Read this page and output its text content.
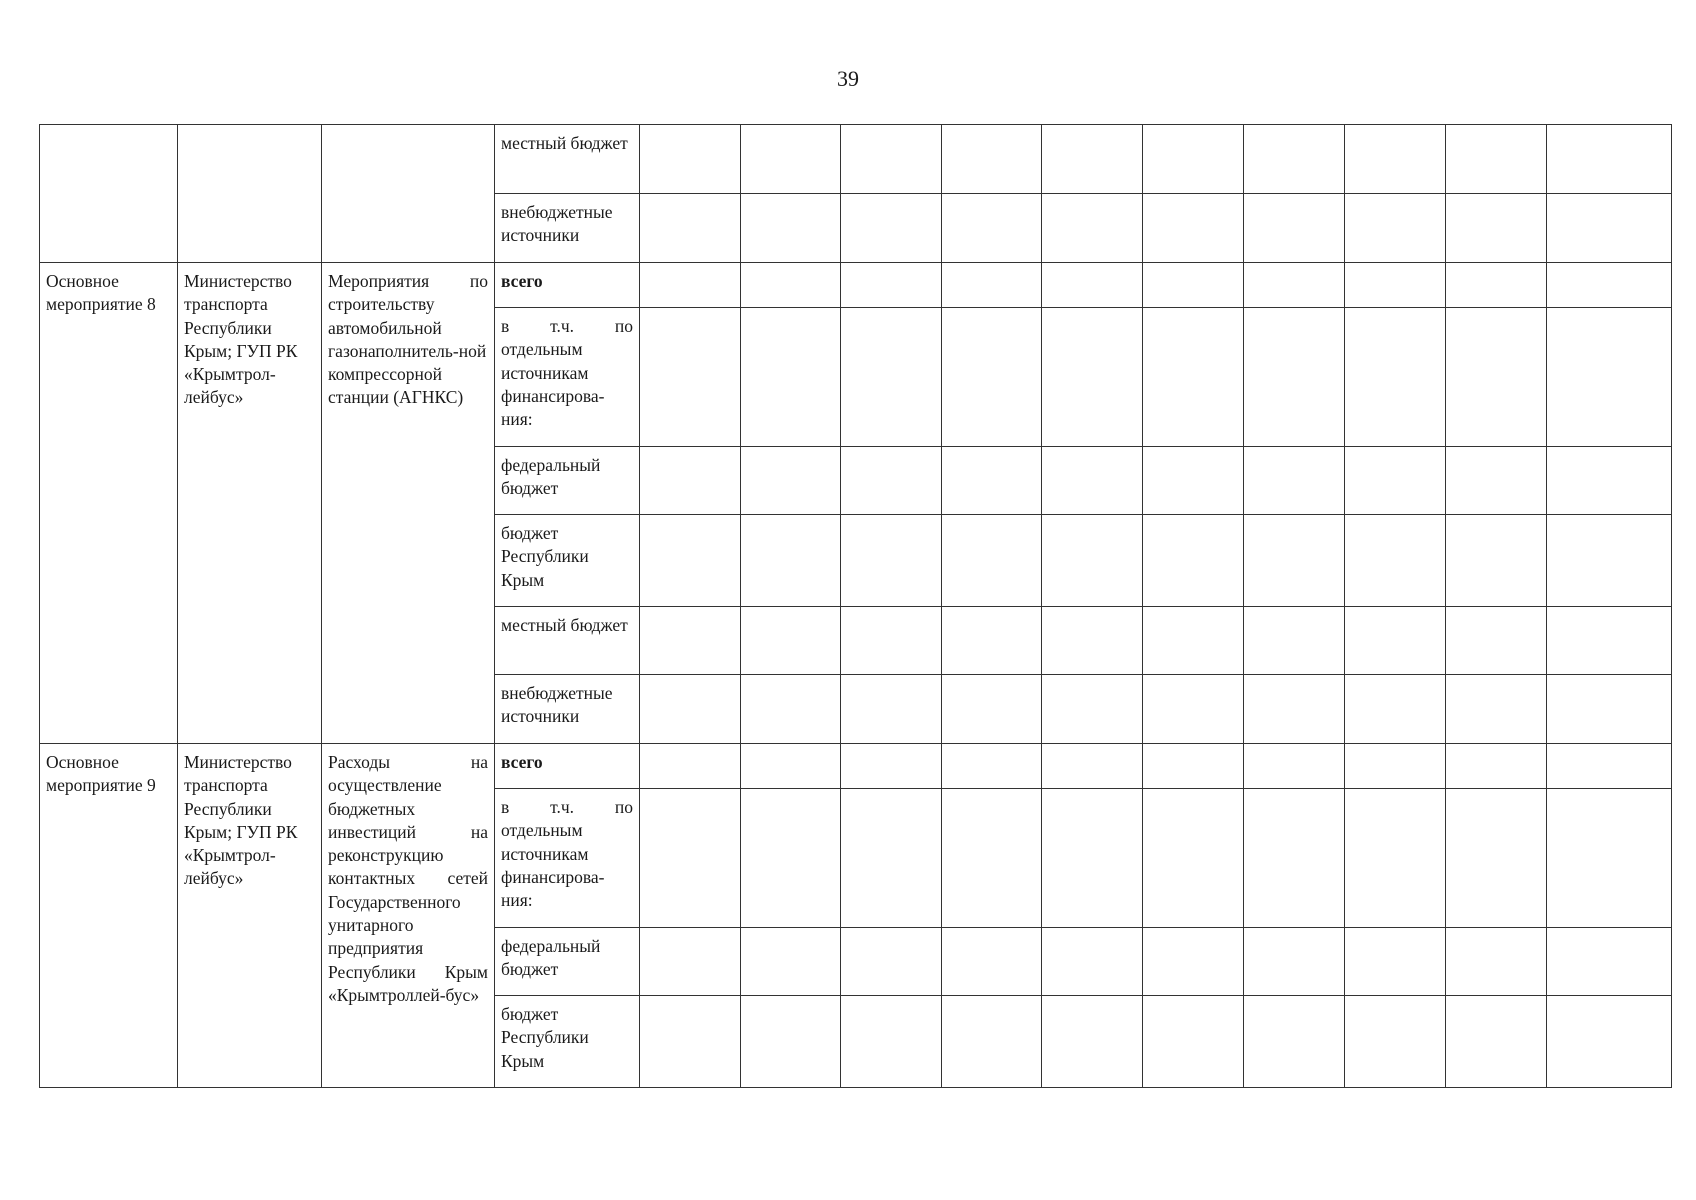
39
			местный бюджет										
			внебюджетные источники										
Основное мероприятие 8	Министерство транспорта Республики Крым; ГУП РК «Крымтрол-лейбус»	Мероприятия по строительству автомобильной газонаполнитель-ной компрессорной станции (АГНКС)	всего										
			в т.ч. по отдельным источникам финансирова-ния:										
			федеральный бюджет										
			бюджет Республики Крым										
			местный бюджет										
			внебюджетные источники										
Основное мероприятие 9	Министерство транспорта Республики Крым; ГУП РК «Крымтрол-лейбус»	Расходы на осуществление бюджетных инвестиций на реконструкцию контактных сетей Государственного унитарного предприятия Республики Крым «Крымтроллей-бус»	всего										
			в т.ч. по отдельным источникам финансирова-ния:										
			федеральный бюджет										
			бюджет Республики Крым										
